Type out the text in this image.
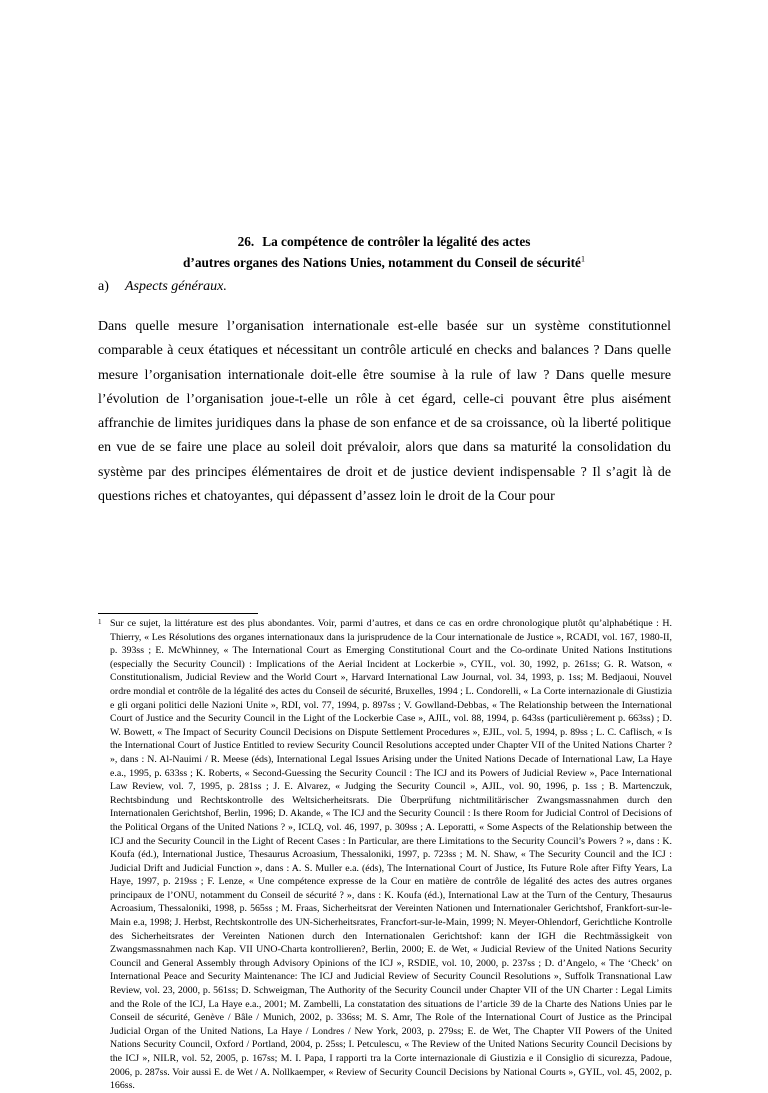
26. La compétence de contrôler la légalité des actes
d’autres organes des Nations Unies, notamment du Conseil de sécurité$^1$
a) Aspects généraux.

Dans quelle mesure l’organisation internationale est-elle basée sur un système constitutionnel comparable à ceux étatiques et nécessitant un contrôle articulé en checks and balances ? Dans quelle mesure l’organisation internationale doit-elle être soumise à la rule of law ? Dans quelle mesure l’évolution de l’organisation joue-t-elle un rôle à cet égard, celle-ci pouvant être plus aisément affranchie de limites juridiques dans la phase de son enfance et de sa croissance, où la liberté politique en vue de se faire une place au soleil doit prévaloir, alors que dans sa maturité la consolidation du système par des principes élémentaires de droit et de justice devient indispensable ? Il s’agit là de questions riches et chatoyantes, qui dépassent d’assez loin le droit de la Cour pour

1 Sur ce sujet, la littérature est des plus abondantes. Voir, parmi d’autres, et dans ce cas en ordre chronologique plutôt qu’alphabétique : H. Thierry, « Les Résolutions des organes internationaux dans la jurisprudence de la Cour internationale de Justice », RCADI, vol. 167, 1980-II, p. 393ss ; E. McWhinney, « The International Court as Emerging Constitutional Court and the Co-ordinate United Nations Institutions (especially the Security Council) : Implications of the Aerial Incident at Lockerbie », CYIL, vol. 30, 1992, p. 261ss; G. R. Watson, « Constitutionalism, Judicial Review and the World Court », Harvard International Law Journal, vol. 34, 1993, p. 1ss; M. Bedjaoui, Nouvel ordre mondial et contrôle de la légalité des actes du Conseil de sécurité, Bruxelles, 1994 ; L. Condorelli, « La Corte internazionale di Giustizia e gli organi politici delle Nazioni Unite », RDI, vol. 77, 1994, p. 897ss ; V. Gowlland-Debbas, « The Relationship between the International Court of Justice and the Security Council in the Light of the Lockerbie Case », AJIL, vol. 88, 1994, p. 643ss (particulièrement p. 663ss) ; D. W. Bowett, « The Impact of Security Council Decisions on Dispute Settlement Procedures », EJIL, vol. 5, 1994, p. 89ss ; L. C. Caflisch, « Is the International Court of Justice Entitled to review Security Council Resolutions accepted under Chapter VII of the United Nations Charter ? », dans : N. Al-Nauimi / R. Meese (éds), International Legal Issues Arising under the United Nations Decade of International Law, La Haye e.a., 1995, p. 633ss ; K. Roberts, « Second-Guessing the Security Council : The ICJ and its Powers of Judicial Review », Pace International Law Review, vol. 7, 1995, p. 281ss ; J. E. Alvarez, « Judging the Security Council », AJIL, vol. 90, 1996, p. 1ss ; B. Martenczuk, Rechtsbindung und Rechtskontrolle des Weltsicherheitsrats. Die Überprüfung nichtmilitärischer Zwangsmassnahmen durch den Internationalen Gerichtshof, Berlin, 1996; D. Akande, « The ICJ and the Security Council : Is there Room for Judicial Control of Decisions of the Political Organs of the United Nations ? », ICLQ, vol. 46, 1997, p. 309ss ; A. Leporatti, « Some Aspects of the Relationship between the ICJ and the Security Council in the Light of Recent Cases : In Particular, are there Limitations to the Security Council’s Powers ? », dans : K. Koufa (éd.), International Justice, Thesaurus Acroasium, Thessaloniki, 1997, p. 723ss ; M. N. Shaw, « The Security Council and the ICJ : Judicial Drift and Judicial Function », dans : A. S. Muller e.a. (éds), The International Court of Justice, Its Future Role after Fifty Years, La Haye, 1997, p. 219ss ; F. Lenze, « Une compétence expresse de la Cour en matière de contrôle de légalité des actes des autres organes principaux de l’ONU, notamment du Conseil de sécurité ? », dans : K. Koufa (éd.), International Law at the Turn of the Century, Thesaurus Acroasium, Thessaloniki, 1998, p. 565ss ; M. Fraas, Sicherheitsrat der Vereinten Nationen und Internationaler Gerichtshof, Frankfort-sur-le-Main e.a, 1998; J. Herbst, Rechtskontrolle des UN-Sicherheitsrates, Francfort-sur-le-Main, 1999; N. Meyer-Ohlendorf, Gerichtliche Kontrolle des Sicherheitsrates der Vereinten Nationen durch den Internationalen Gerichtshof: kann der IGH die Rechtmässigkeit von Zwangsmassnahmen nach Kap. VII UNO-Charta kontrollieren?, Berlin, 2000; E. de Wet, « Judicial Review of the United Nations Security Council and General Assembly through Advisory Opinions of the ICJ », RSDIE, vol. 10, 2000, p. 237ss ; D. d’Angelo, « The ‘Check’ on International Peace and Security Maintenance: The ICJ and Judicial Review of Security Council Resolutions », Suffolk Transnational Law Review, vol. 23, 2000, p. 561ss; D. Schweigman, The Authority of the Security Council under Chapter VII of the UN Charter : Legal Limits and the Role of the ICJ, La Haye e.a., 2001; M. Zambelli, La constatation des situations de l’article 39 de la Charte des Nations Unies par le Conseil de sécurité, Genève / Bâle / Munich, 2002, p. 336ss; M. S. Amr, The Role of the International Court of Justice as the Principal Judicial Organ of the United Nations, La Haye / Londres / New York, 2003, p. 279ss; E. de Wet, The Chapter VII Powers of the United Nations Security Council, Oxford / Portland, 2004, p. 25ss; I. Petculescu, « The Review of the United Nations Security Council Decisions by the ICJ », NILR, vol. 52, 2005, p. 167ss; M. I. Papa, I rapporti tra la Corte internazionale di Giustizia e il Consiglio di sicurezza, Padoue, 2006, p. 287ss. Voir aussi E. de Wet / A. Nollkaemper, « Review of Security Council Decisions by National Courts », GYIL, vol. 45, 2002, p. 166ss.
